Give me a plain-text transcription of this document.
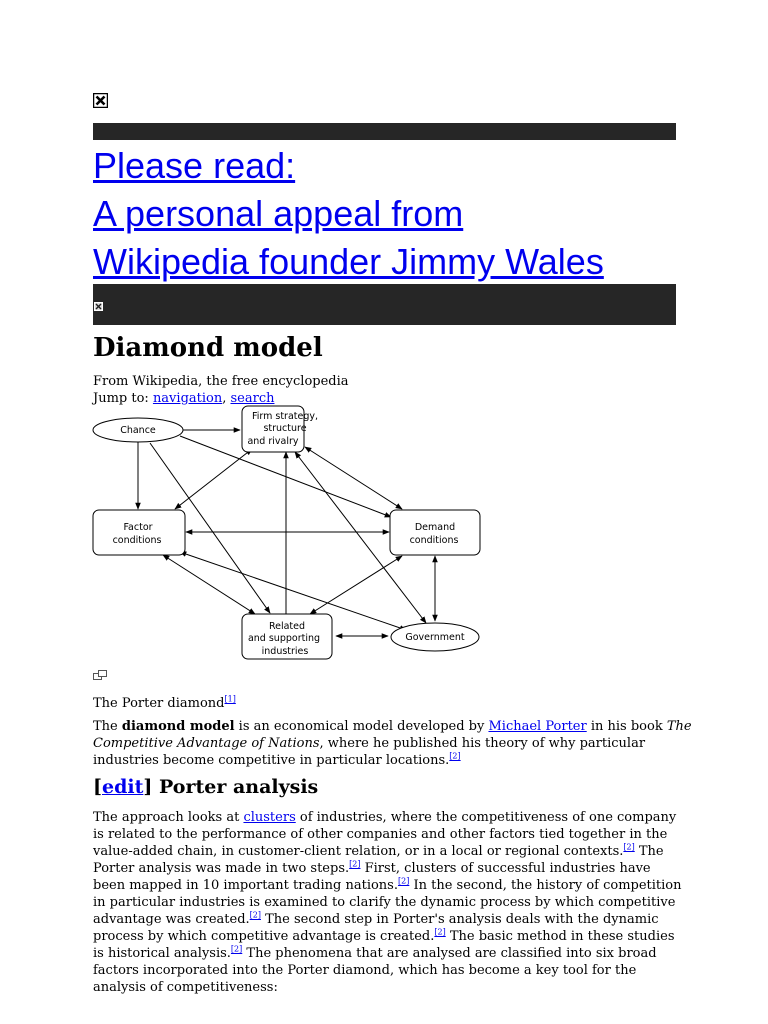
Please read:
A personal appeal from
Wikipedia founder Jimmy Wales
Diamond model
From Wikipedia, the free encyclopedia
Jump to: navigation, search
Chance
Firm strategy,
structure
and rivalry
Factor
conditions
Demand
conditions
Related
and supporting
industries
Government
The Porter diamond[1]

The diamond model is an economical model developed by Michael Porter in his book The Competitive Advantage of Nations, where he published his theory of why particular industries become competitive in particular locations.[2]

[edit] Porter analysis

The approach looks at clusters of industries, where the competitiveness of one company is related to the performance of other companies and other factors tied together in the value-added chain, in customer-client relation, or in a local or regional contexts.[2] The Porter analysis was made in two steps.[2] First, clusters of successful industries have been mapped in 10 important trading nations.[2] In the second, the history of competition in particular industries is examined to clarify the dynamic process by which competitive advantage was created.[2] The second step in Porter's analysis deals with the dynamic process by which competitive advantage is created.[2] The basic method in these studies is historical analysis.[2] The phenomena that are analysed are classified into six broad factors incorporated into the Porter diamond, which has become a key tool for the analysis of competitiveness:
